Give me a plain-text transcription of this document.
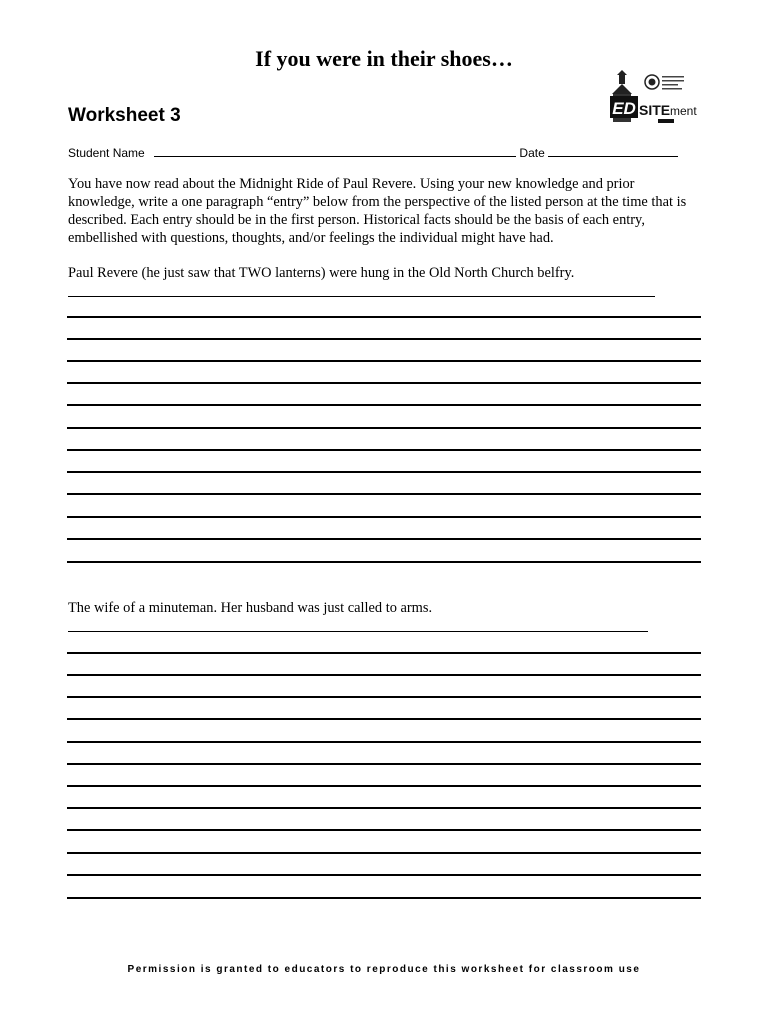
If you were in their shoes…
Worksheet 3	ED SITE ment
Student Name	Date
You have now read about the Midnight Ride of Paul Revere. Using your new knowledge and prior knowledge, write a one paragraph “entry” below from the perspective of the listed person at the time that is described. Each entry should be in the first person. Historical facts should be the basis of each entry, embellished with questions, thoughts, and/or feelings the individual might have had.
Paul Revere (he just saw that TWO lanterns) were hung in the Old North Church belfry.
The wife of a minuteman. Her husband was just called to arms.
Permission is granted to educators to reproduce this worksheet for classroom use
